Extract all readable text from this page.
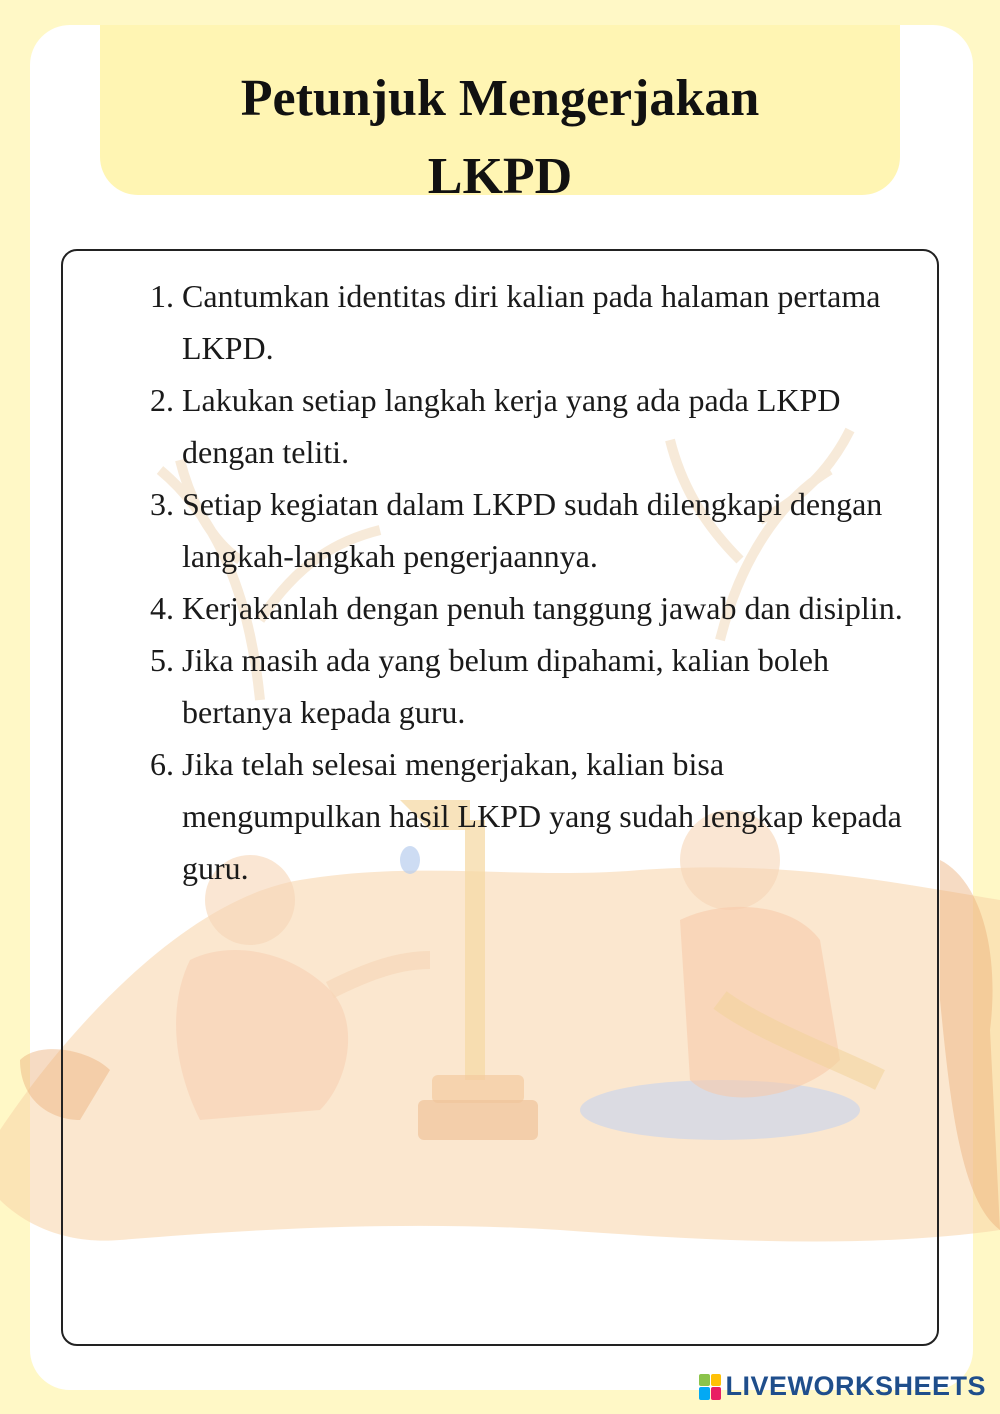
Petunjuk Mengerjakan
LKPD
1. Cantumkan identitas diri kalian pada halaman pertama LKPD.
2. Lakukan setiap langkah kerja yang ada pada LKPD dengan teliti.
3. Setiap kegiatan dalam LKPD sudah dilengkapi dengan langkah-langkah pengerjaannya.
4. Kerjakanlah dengan penuh tanggung jawab dan disiplin.
5. Jika masih ada yang belum dipahami, kalian boleh bertanya kepada guru.
6. Jika telah selesai mengerjakan, kalian bisa mengumpulkan hasil LKPD yang sudah lengkap kepada guru.
LIVEWORKSHEETS
